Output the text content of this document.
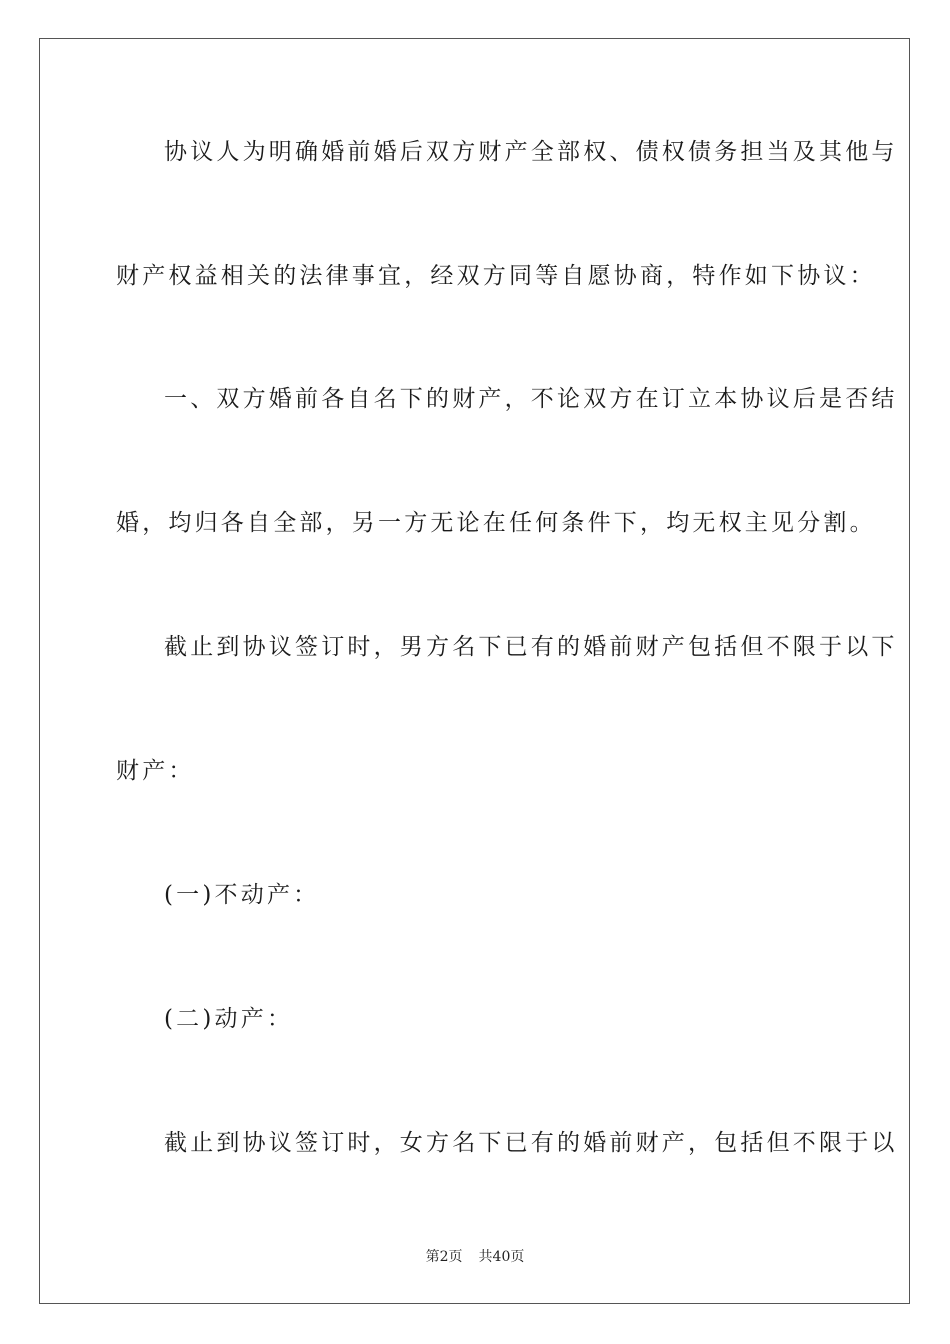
协议人为明确婚前婚后双方财产全部权、债权债务担当及其他与
财产权益相关的法律事宜，经双方同等自愿协商，特作如下协议：
一、双方婚前各自名下的财产，不论双方在订立本协议后是否结
婚，均归各自全部，另一方无论在任何条件下，均无权主见分割。
截止到协议签订时，男方名下已有的婚前财产包括但不限于以下
财产：
(一)不动产：
(二)动产：
截止到协议签订时，女方名下已有的婚前财产，包括但不限于以
第2页 共40页
